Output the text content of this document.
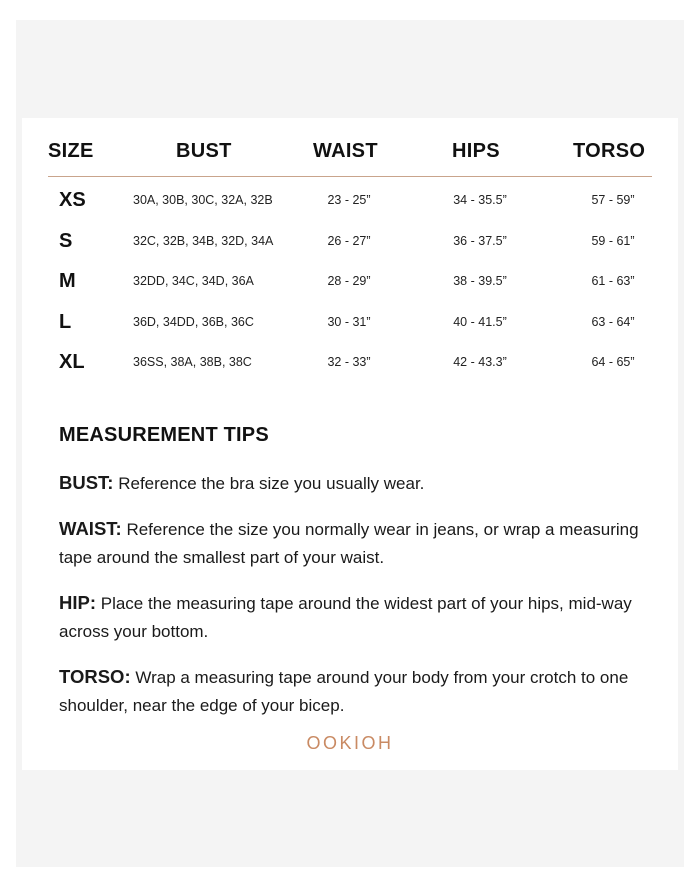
SIZE	BUST	WAIST	HIPS	TORSO
XS	30A, 30B, 30C, 32A, 32B	23 - 25”	34 - 35.5”	57 - 59”
S	32C, 32B, 34B, 32D, 34A	26 - 27”	36 - 37.5”	59 - 61”
M	32DD, 34C, 34D, 36A	28 - 29”	38 - 39.5”	61 - 63”
L	36D, 34DD, 36B, 36C	30 - 31”	40 - 41.5”	63 - 64”
XL	36SS, 38A, 38B, 38C	32 - 33”	42 - 43.3”	64 - 65”
MEASUREMENT TIPS
BUST: Reference the bra size you usually wear.
WAIST: Reference the size you normally wear in jeans, or wrap a measuring tape around the smallest part of your waist.
HIP: Place the measuring tape around the widest part of your hips, mid-way across your bottom.
TORSO: Wrap a measuring tape around your body from your crotch to one shoulder, near the edge of your bicep.
OOKIOH
